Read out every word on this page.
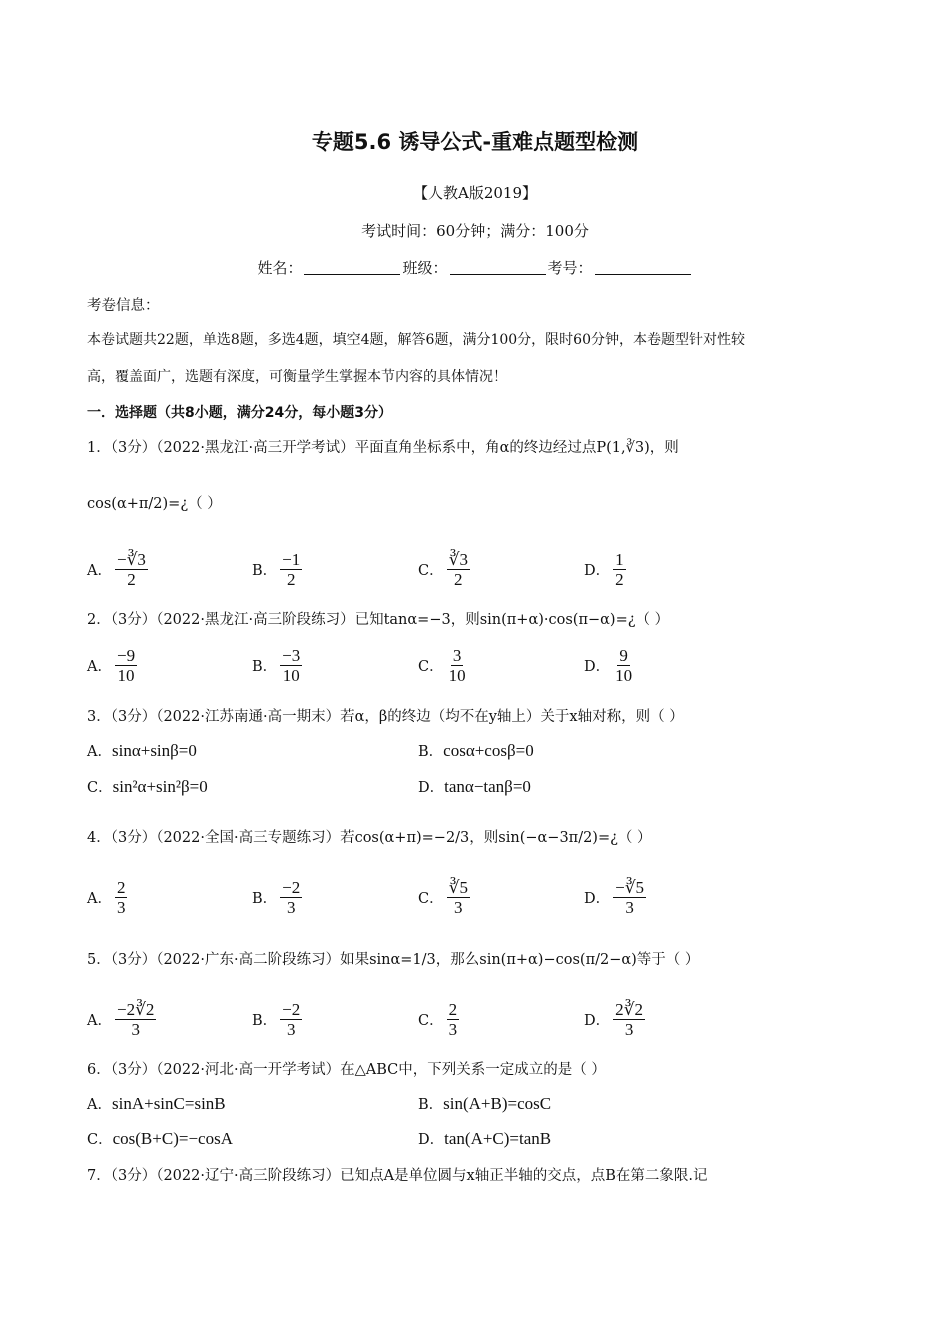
专题5.6 诱导公式-重难点题型检测
【人教A版2019】
考试时间：60分钟；满分：100分
姓名：	班级：	考号：
考卷信息：
本卷试题共22题，单选8题，多选4题，填空4题，解答6题，满分100分，限时60分钟，本卷题型针对性较
高，覆盖面广，选题有深度，可衡量学生掌握本节内容的具体情况！
一．选择题（共8小题，满分24分，每小题3分）
1．（3分）（2022·黑龙江·高三开学考试）平面直角坐标系中，角α的终边经过点P(1,∛3)，则
cos(α+π/2)=¿（ ）
A． $\frac{-∛3}{2}$	B． $\frac{-1}{2}$	C． $\frac{∛3}{2}$	D． $\frac{1}{2}$
2．（3分）（2022·黑龙江·高三阶段练习）已知tanα=−3，则sin(π+α)·cos(π−α)=¿（ ）
A． $\frac{-9}{10}$	B． $\frac{-3}{10}$	C． $\frac{3}{10}$	D． $\frac{9}{10}$
3．（3分）（2022·江苏南通·高一期末）若α，β的终边（均不在y轴上）关于x轴对称，则（ ）
A． sinα+sinβ=0	B． cosα+cosβ=0
C． sin²α+sin²β=0	D． tanα−tanβ=0
4．（3分）（2022·全国·高三专题练习）若cos(α+π)=−2/3，则sin(−α−3π/2)=¿（ ）
A． $\frac{2}{3}$	B． $\frac{-2}{3}$	C． $\frac{∛5}{3}$	D． $\frac{-∛5}{3}$
5．（3分）（2022·广东·高二阶段练习）如果sinα=1/3，那么sin(π+α)−cos(π/2−α)等于（ ）
A． $\frac{-2∛2}{3}$	B． $\frac{-2}{3}$	C． $\frac{2}{3}$	D． $\frac{2∛2}{3}$
6．（3分）（2022·河北·高一开学考试）在△ABC中，下列关系一定成立的是（ ）
A． sinA+sinC=sinB	B． sin(A+B)=cosC
C． cos(B+C)=−cosA	D． tan(A+C)=tanB
7．（3分）（2022·辽宁·高三阶段练习）已知点A是单位圆与x轴正半轴的交点，点B在第二象限.记
